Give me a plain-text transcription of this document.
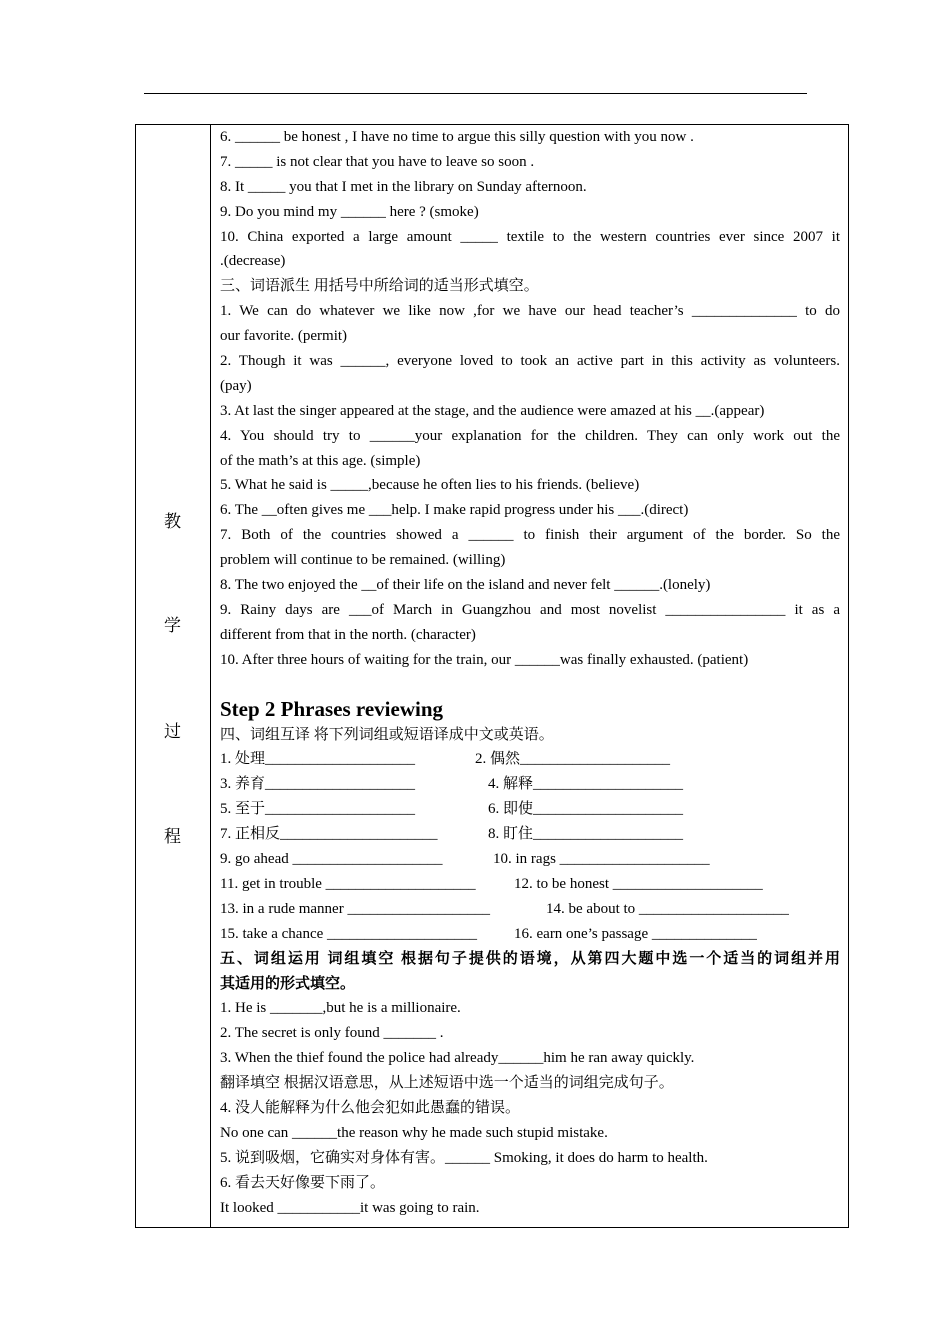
教
学
过
程
6. ______ be honest , I have no time to argue this silly question with you now .
7. _____ is not clear that you have to leave so soon .
8. It _____ you that I met in the library on Sunday afternoon.
9. Do you mind my ______ here ? (smoke)
10. China exported a large amount _____ textile to the western countries ever since 2007 it
.(decrease)
三、词语派生 用括号中所给词的适当形式填空。
1. We can do whatever we like now ,for we have our head teacher’s ______________ to do
our favorite. (permit)
2. Though it was ______, everyone loved to took an active part in this activity as volunteers.
(pay)
3. At last the singer appeared at the stage, and the audience were amazed at his __.(appear)
4. You should try to ______your explanation for the children. They can only work out the
of the math’s at this age. (simple)
5. What he said is _____,because he often lies to his friends. (believe)
6. The __often gives me ___help. I make rapid progress under his ___.(direct)
7. Both of the countries showed a ______ to finish their argument of the border. So the
problem will continue to be remained. (willing)
8. The two enjoyed the __of their life on the island and never felt ______.(lonely)
9. Rainy days are ___of March in Guangzhou and most novelist ________________ it as a
different from that in the north. (character)
10. After three hours of waiting for the train, our ______was finally exhausted. (patient)
Step 2 Phrases reviewing
四、词组互译 将下列词组或短语译成中文或英语。
1. 处理____________________	2. 偶然____________________
3. 养育____________________	4. 解释____________________
5. 至于____________________	6. 即使____________________
7. 正相反_____________________	8. 盯住____________________
9. go ahead ____________________	10. in rags ____________________
11. get in trouble ____________________	12. to be honest ____________________
13. in a rude manner ___________________	14. be about to ____________________
15. take a chance ____________________ 16. earn one’s passage ______________
五、词组运用 词组填空 根据句子提供的语境，从第四大题中选一个适当的词组并用
其适用的形式填空。
1. He is _______,but he is a millionaire.
2. The secret is only found _______ .
3. When the thief found the police had already______him he ran away quickly.
翻译填空 根据汉语意思，从上述短语中选一个适当的词组完成句子。
4. 没人能解释为什么他会犯如此愚蠢的错误。
No one can ______the reason why he made such stupid mistake.
5. 说到吸烟，它确实对身体有害。______ Smoking, it does do harm to health.
6. 看去天好像要下雨了。
It looked ___________it was going to rain.
